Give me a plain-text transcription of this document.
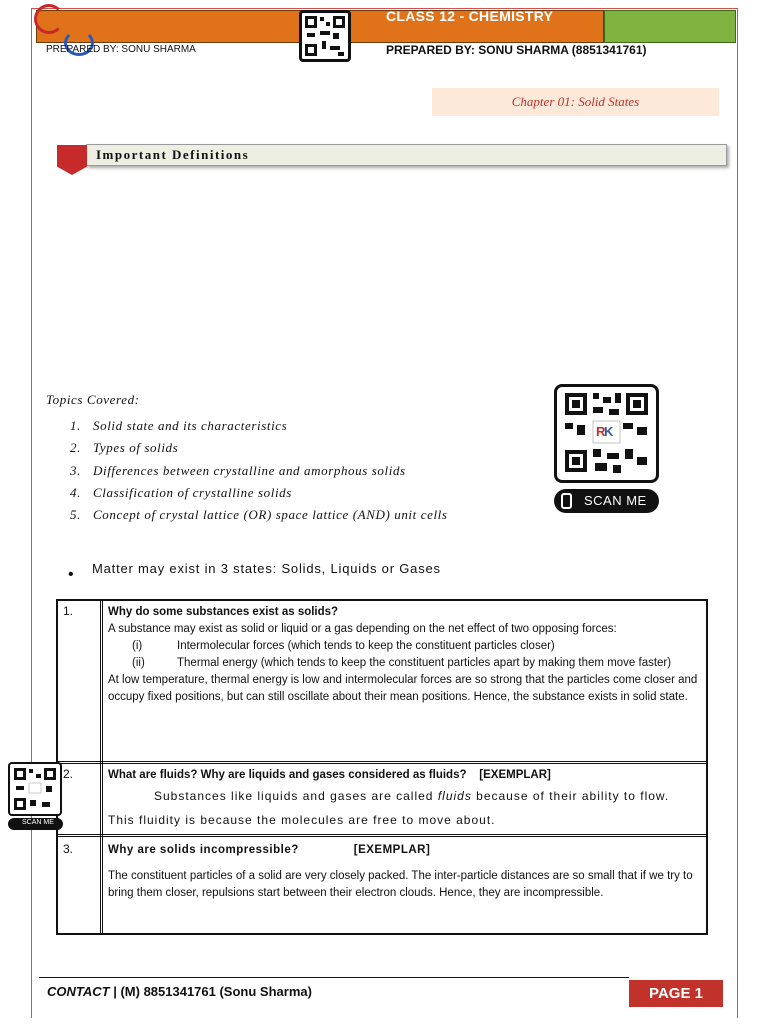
CLASS 12 - CHEMISTRY
PREPARED BY: SONU SHARMA	PREPARED BY: SONU SHARMA (8851341761)
Chapter 01: Solid States
Important Definitions
Topics Covered:
1. Solid state and its characteristics
2. Types of solids
3. Differences between crystalline and amorphous solids
4. Classification of crystalline solids
5. Concept of crystal lattice (OR) space lattice (AND) unit cells
R
K
SCAN ME
• Matter may exist in 3 states: Solids, Liquids or Gases
1.	Why do some substances exist as solids?
A substance may exist as solid or liquid or a gas depending on the net effect of two opposing forces:
(i)	Intermolecular forces (which tends to keep the constituent particles closer)
(ii)	Thermal energy (which tends to keep the constituent particles apart by making them move faster)
At low temperature, thermal energy is low and intermolecular forces are so strong that the particles come closer and occupy fixed positions, but can still oscillate about their mean positions. Hence, the substance exists in solid state.
2.	What are fluids? Why are liquids and gases considered as fluids? [EXEMPLAR]
Substances like liquids and gases are called fluids because of their ability to flow. This fluidity is because the molecules are free to move about.
3.	Why are solids incompressible?	[EXEMPLAR]
The constituent particles of a solid are very closely packed. The inter-particle distances are so small that if we try to bring them closer, repulsions start between their electron clouds. Hence, they are incompressible.
SCAN ME
CONTACT | (M) 8851341761 (Sonu Sharma)	PAGE 1
